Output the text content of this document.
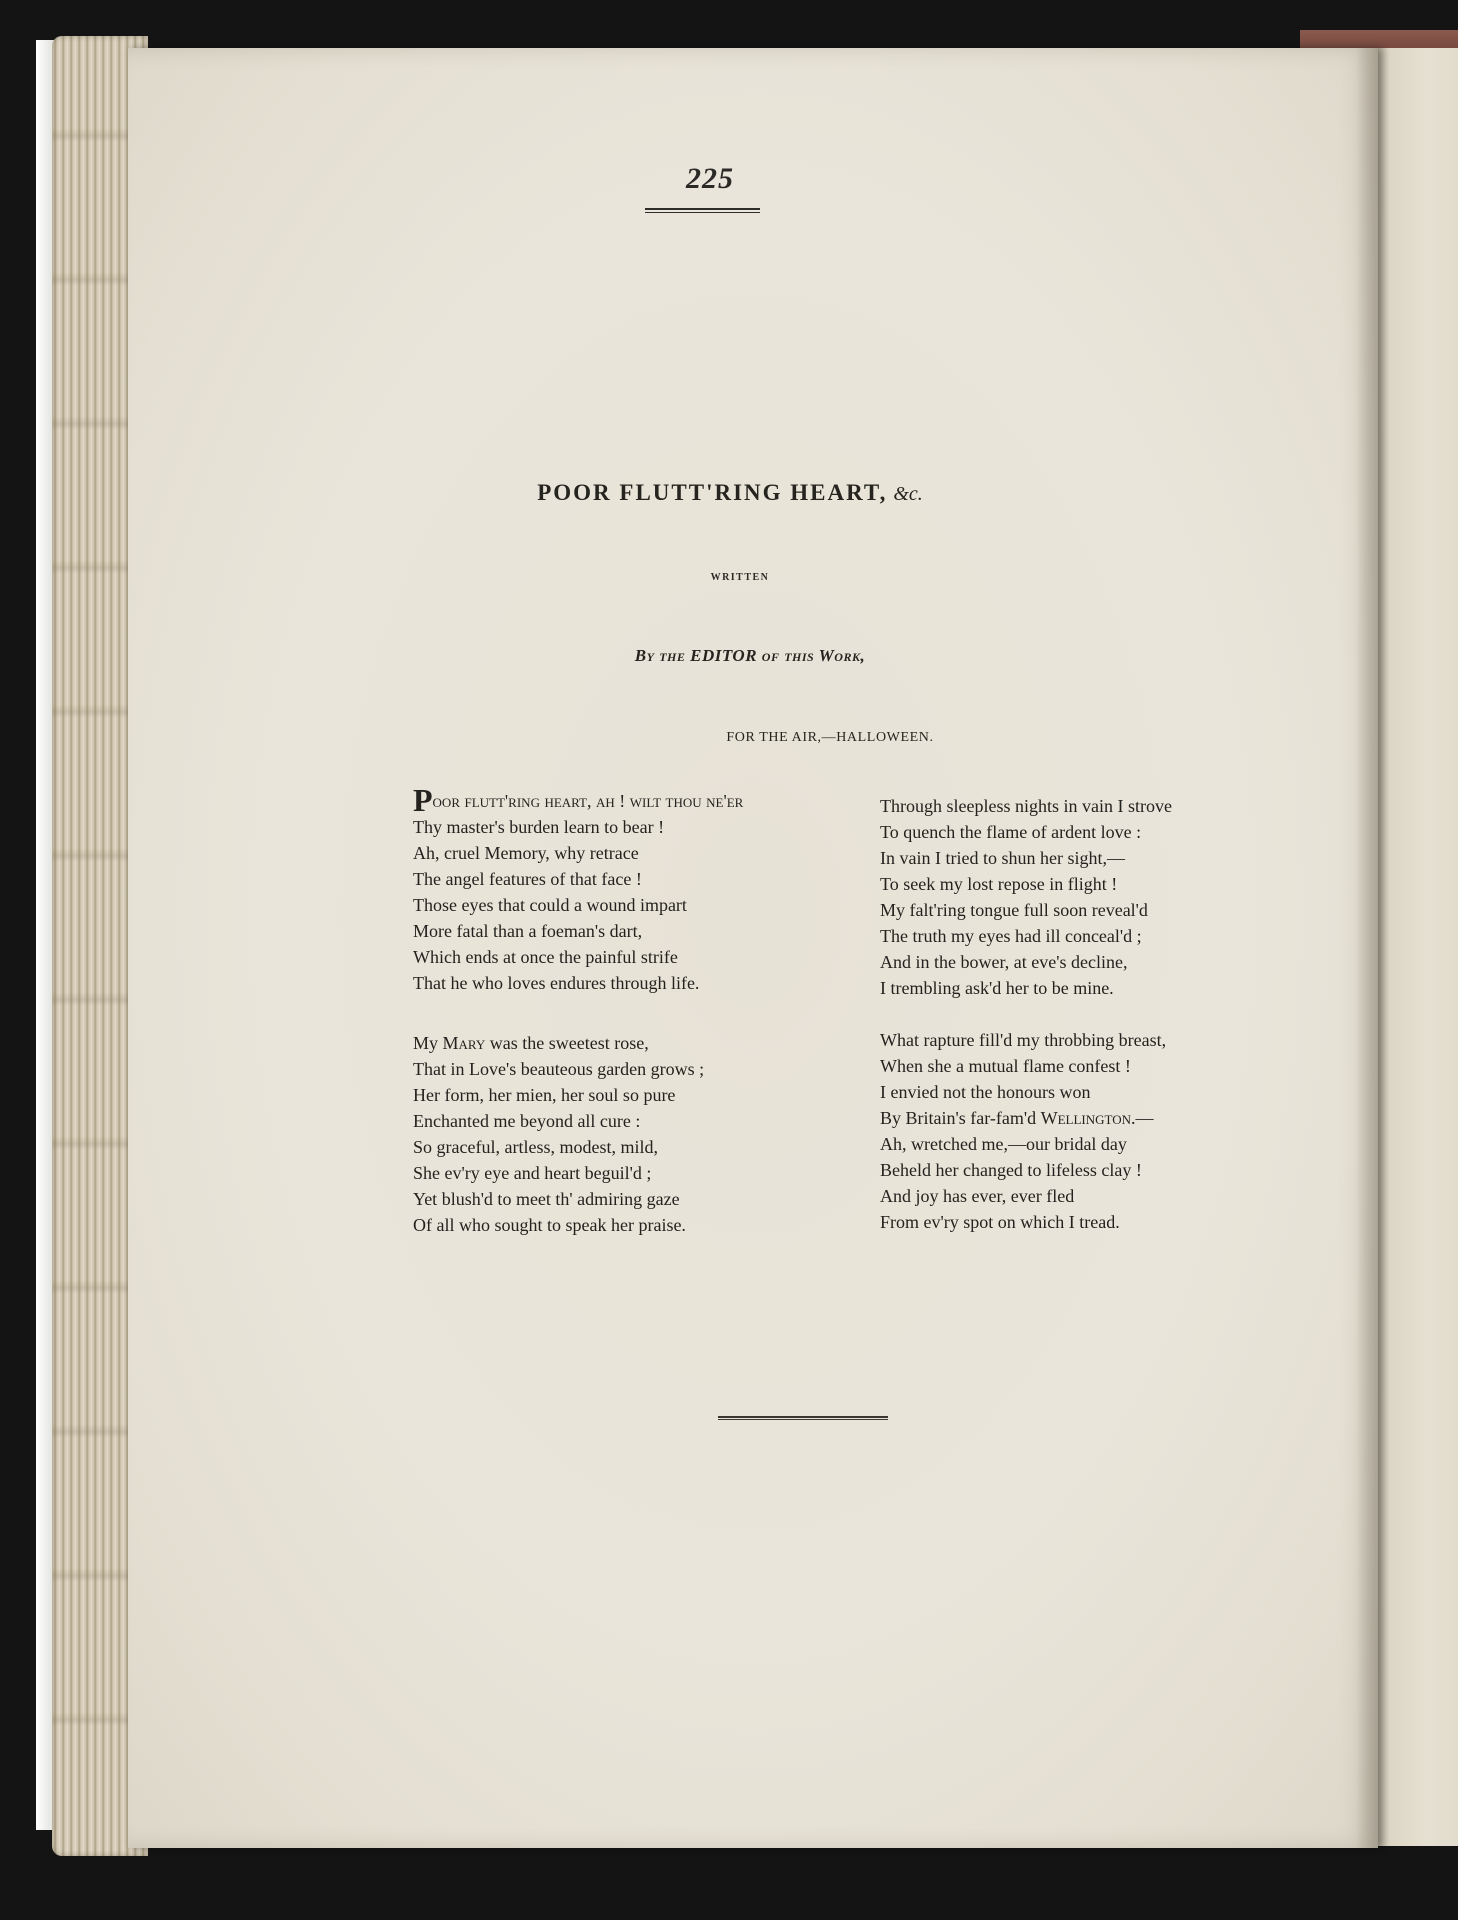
225
POOR FLUTT'RING HEART, &c.
WRITTEN
By the EDITOR of this Work,
FOR THE AIR,—HALLOWEEN.
Poor flutt'ring heart, ah ! wilt thou ne'er
Thy master's burden learn to bear !
Ah, cruel Memory, why retrace
The angel features of that face !
Those eyes that could a wound impart
More fatal than a foeman's dart,
Which ends at once the painful strife
That he who loves endures through life.
My Mary was the sweetest rose,
That in Love's beauteous garden grows ;
Her form, her mien, her soul so pure
Enchanted me beyond all cure :
So graceful, artless, modest, mild,
She ev'ry eye and heart beguil'd ;
Yet blush'd to meet th' admiring gaze
Of all who sought to speak her praise.
Through sleepless nights in vain I strove
To quench the flame of ardent love :
In vain I tried to shun her sight,—
To seek my lost repose in flight !
My falt'ring tongue full soon reveal'd
The truth my eyes had ill conceal'd ;
And in the bower, at eve's decline,
I trembling ask'd her to be mine.
What rapture fill'd my throbbing breast,
When she a mutual flame confest !
I envied not the honours won
By Britain's far-fam'd Wellington.—
Ah, wretched me,—our bridal day
Beheld her changed to lifeless clay !
And joy has ever, ever fled
From ev'ry spot on which I tread.
